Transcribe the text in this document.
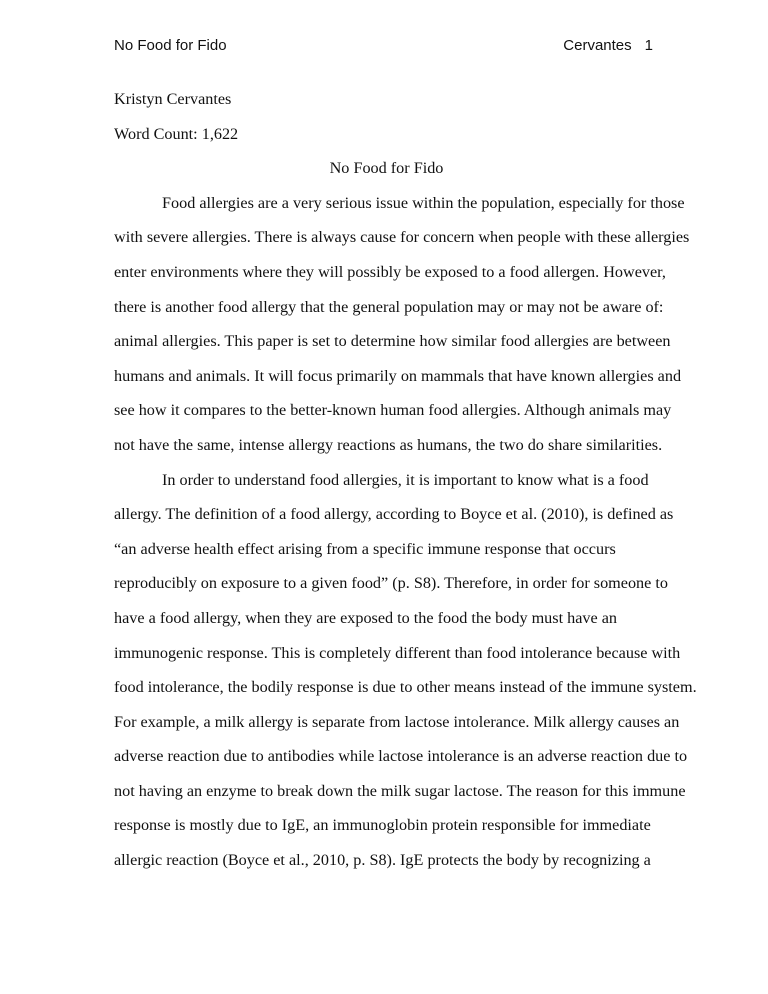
No Food for Fido	Cervantes 1
Kristyn Cervantes
Word Count: 1,622
No Food for Fido
Food allergies are a very serious issue within the population, especially for those
with severe allergies. There is always cause for concern when people with these allergies
enter environments where they will possibly be exposed to a food allergen. However,
there is another food allergy that the general population may or may not be aware of:
animal allergies. This paper is set to determine how similar food allergies are between
humans and animals. It will focus primarily on mammals that have known allergies and
see how it compares to the better-known human food allergies. Although animals may
not have the same, intense allergy reactions as humans, the two do share similarities.
In order to understand food allergies, it is important to know what is a food
allergy. The definition of a food allergy, according to Boyce et al. (2010), is defined as
“an adverse health effect arising from a specific immune response that occurs
reproducibly on exposure to a given food” (p. S8). Therefore, in order for someone to
have a food allergy, when they are exposed to the food the body must have an
immunogenic response. This is completely different than food intolerance because with
food intolerance, the bodily response is due to other means instead of the immune system.
For example, a milk allergy is separate from lactose intolerance. Milk allergy causes an
adverse reaction due to antibodies while lactose intolerance is an adverse reaction due to
not having an enzyme to break down the milk sugar lactose. The reason for this immune
response is mostly due to IgE, an immunoglobin protein responsible for immediate
allergic reaction (Boyce et al., 2010, p. S8). IgE protects the body by recognizing a
